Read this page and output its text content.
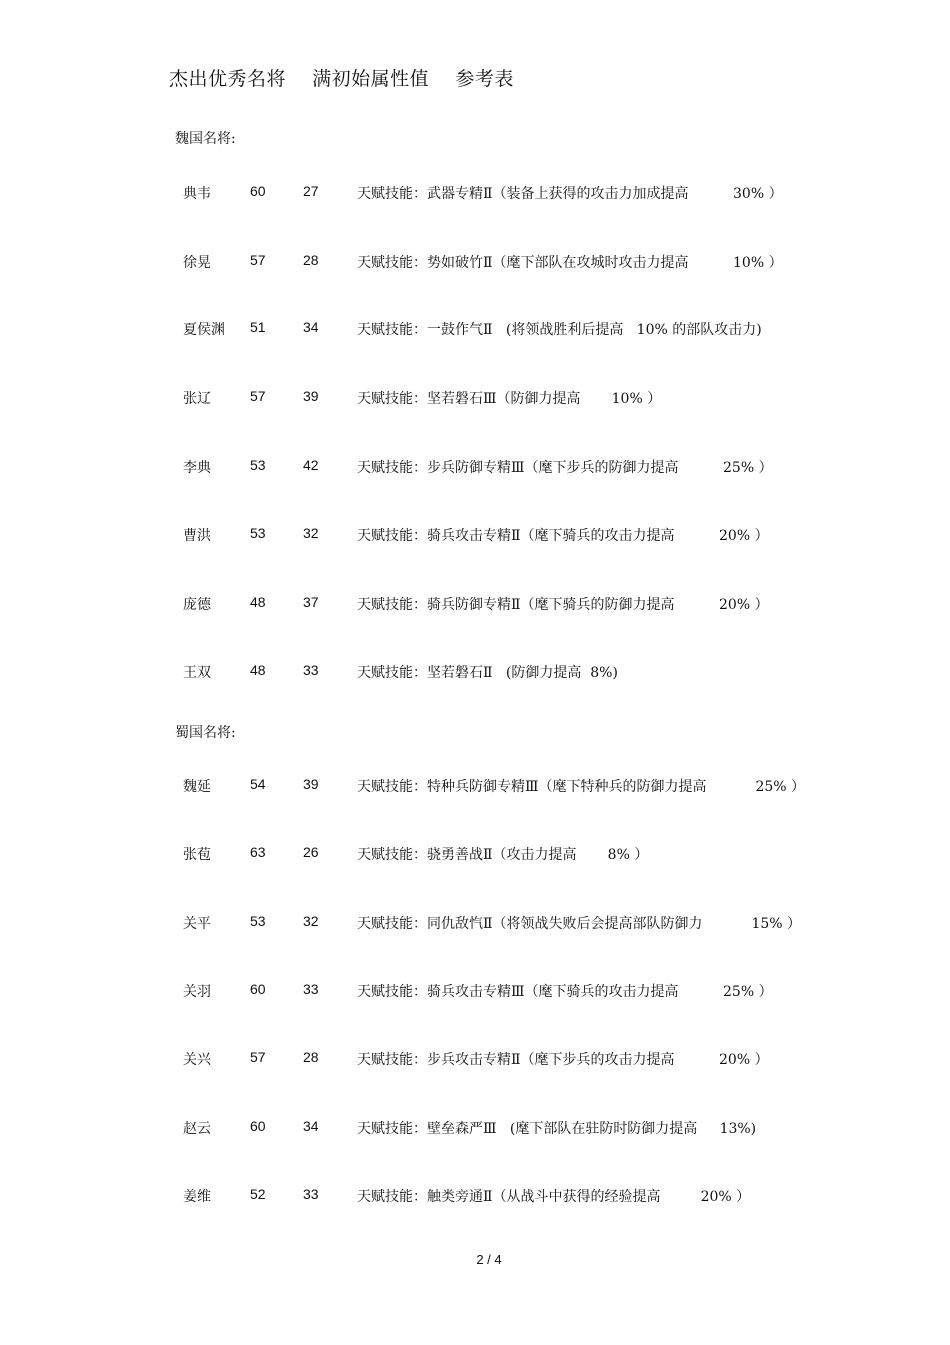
杰出优秀名将    满初始属性值    参考表
魏国名将:
典韦	60	27	天赋技能：武器专精Ⅱ（装备上获得的攻击力加成提高          30% ）
徐晃	57	28	天赋技能：势如破竹Ⅱ（麾下部队在攻城时攻击力提高          10% ）
夏侯渊 51	34	天赋技能：一鼓作气Ⅱ   (将领战胜利后提高   10% 的部队攻击力)
张辽	57	39	天赋技能：坚若磐石Ⅲ（防御力提高       10% ）
李典	53	42	天赋技能：步兵防御专精Ⅲ（麾下步兵的防御力提高          25% ）
曹洪	53	32	天赋技能：骑兵攻击专精Ⅱ（麾下骑兵的攻击力提高          20% ）
庞德	48	37	天赋技能：骑兵防御专精Ⅱ（麾下骑兵的防御力提高          20% ）
王双	48	33	天赋技能：坚若磐石Ⅱ   (防御力提高  8%)
蜀国名将:
魏延	54	39	天赋技能：特种兵防御专精Ⅲ（麾下特种兵的防御力提高           25% ）
张苞	63	26	天赋技能：骁勇善战Ⅱ（攻击力提高       8% ）
关平	53	32	天赋技能：同仇敌忾Ⅱ（将领战失败后会提高部队防御力           15% ）
关羽	60	33	天赋技能：骑兵攻击专精Ⅲ（麾下骑兵的攻击力提高          25% ）
关兴	57	28	天赋技能：步兵攻击专精Ⅱ（麾下步兵的攻击力提高          20% ）
赵云	60	34	天赋技能：壁垒森严Ⅲ   (麾下部队在驻防时防御力提高     13%)
姜维	52	33	天赋技能：触类旁通Ⅱ（从战斗中获得的经验提高         20% ）
2 / 4
